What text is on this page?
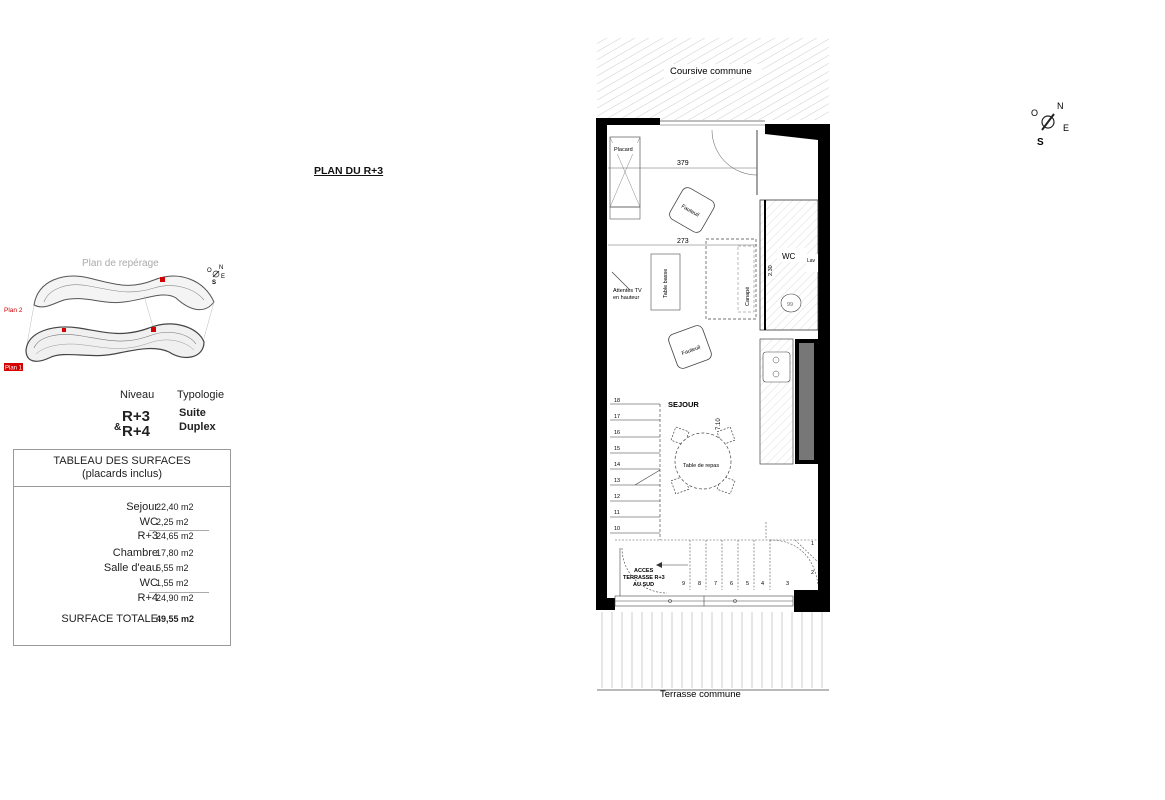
PLAN DU R+3
Plan de repérage
Plan 2
Plan 1
O N
E
S
Niveau Typologie
&
R+3
R+4
Suite
Duplex
TABLEAU DES SURFACES
(placards inclus)
Sejour
22,40 m2
WC
2,25 m2
R+3
24,65 m2
Chambre
17,80 m2
Salle d'eau
5,55 m2
WC
1,55 m2
R+4
24,90 m2
SURFACE TOTALE
49,55 m2
Coursive commune
Terrasse commune
Placard
379
273
Fauteuil
Table basse	Canapé
Attentes TV
en hauteur
Fauteuil
WC
2.30
Lav
99
SEJOUR
7.10
Table de repas
18
17
16
15
14
13
12
11
10
9 8 7 6 5 4	3
2
1
ACCES
TERRASSE R+3
AU SUD
O
N
E
S
